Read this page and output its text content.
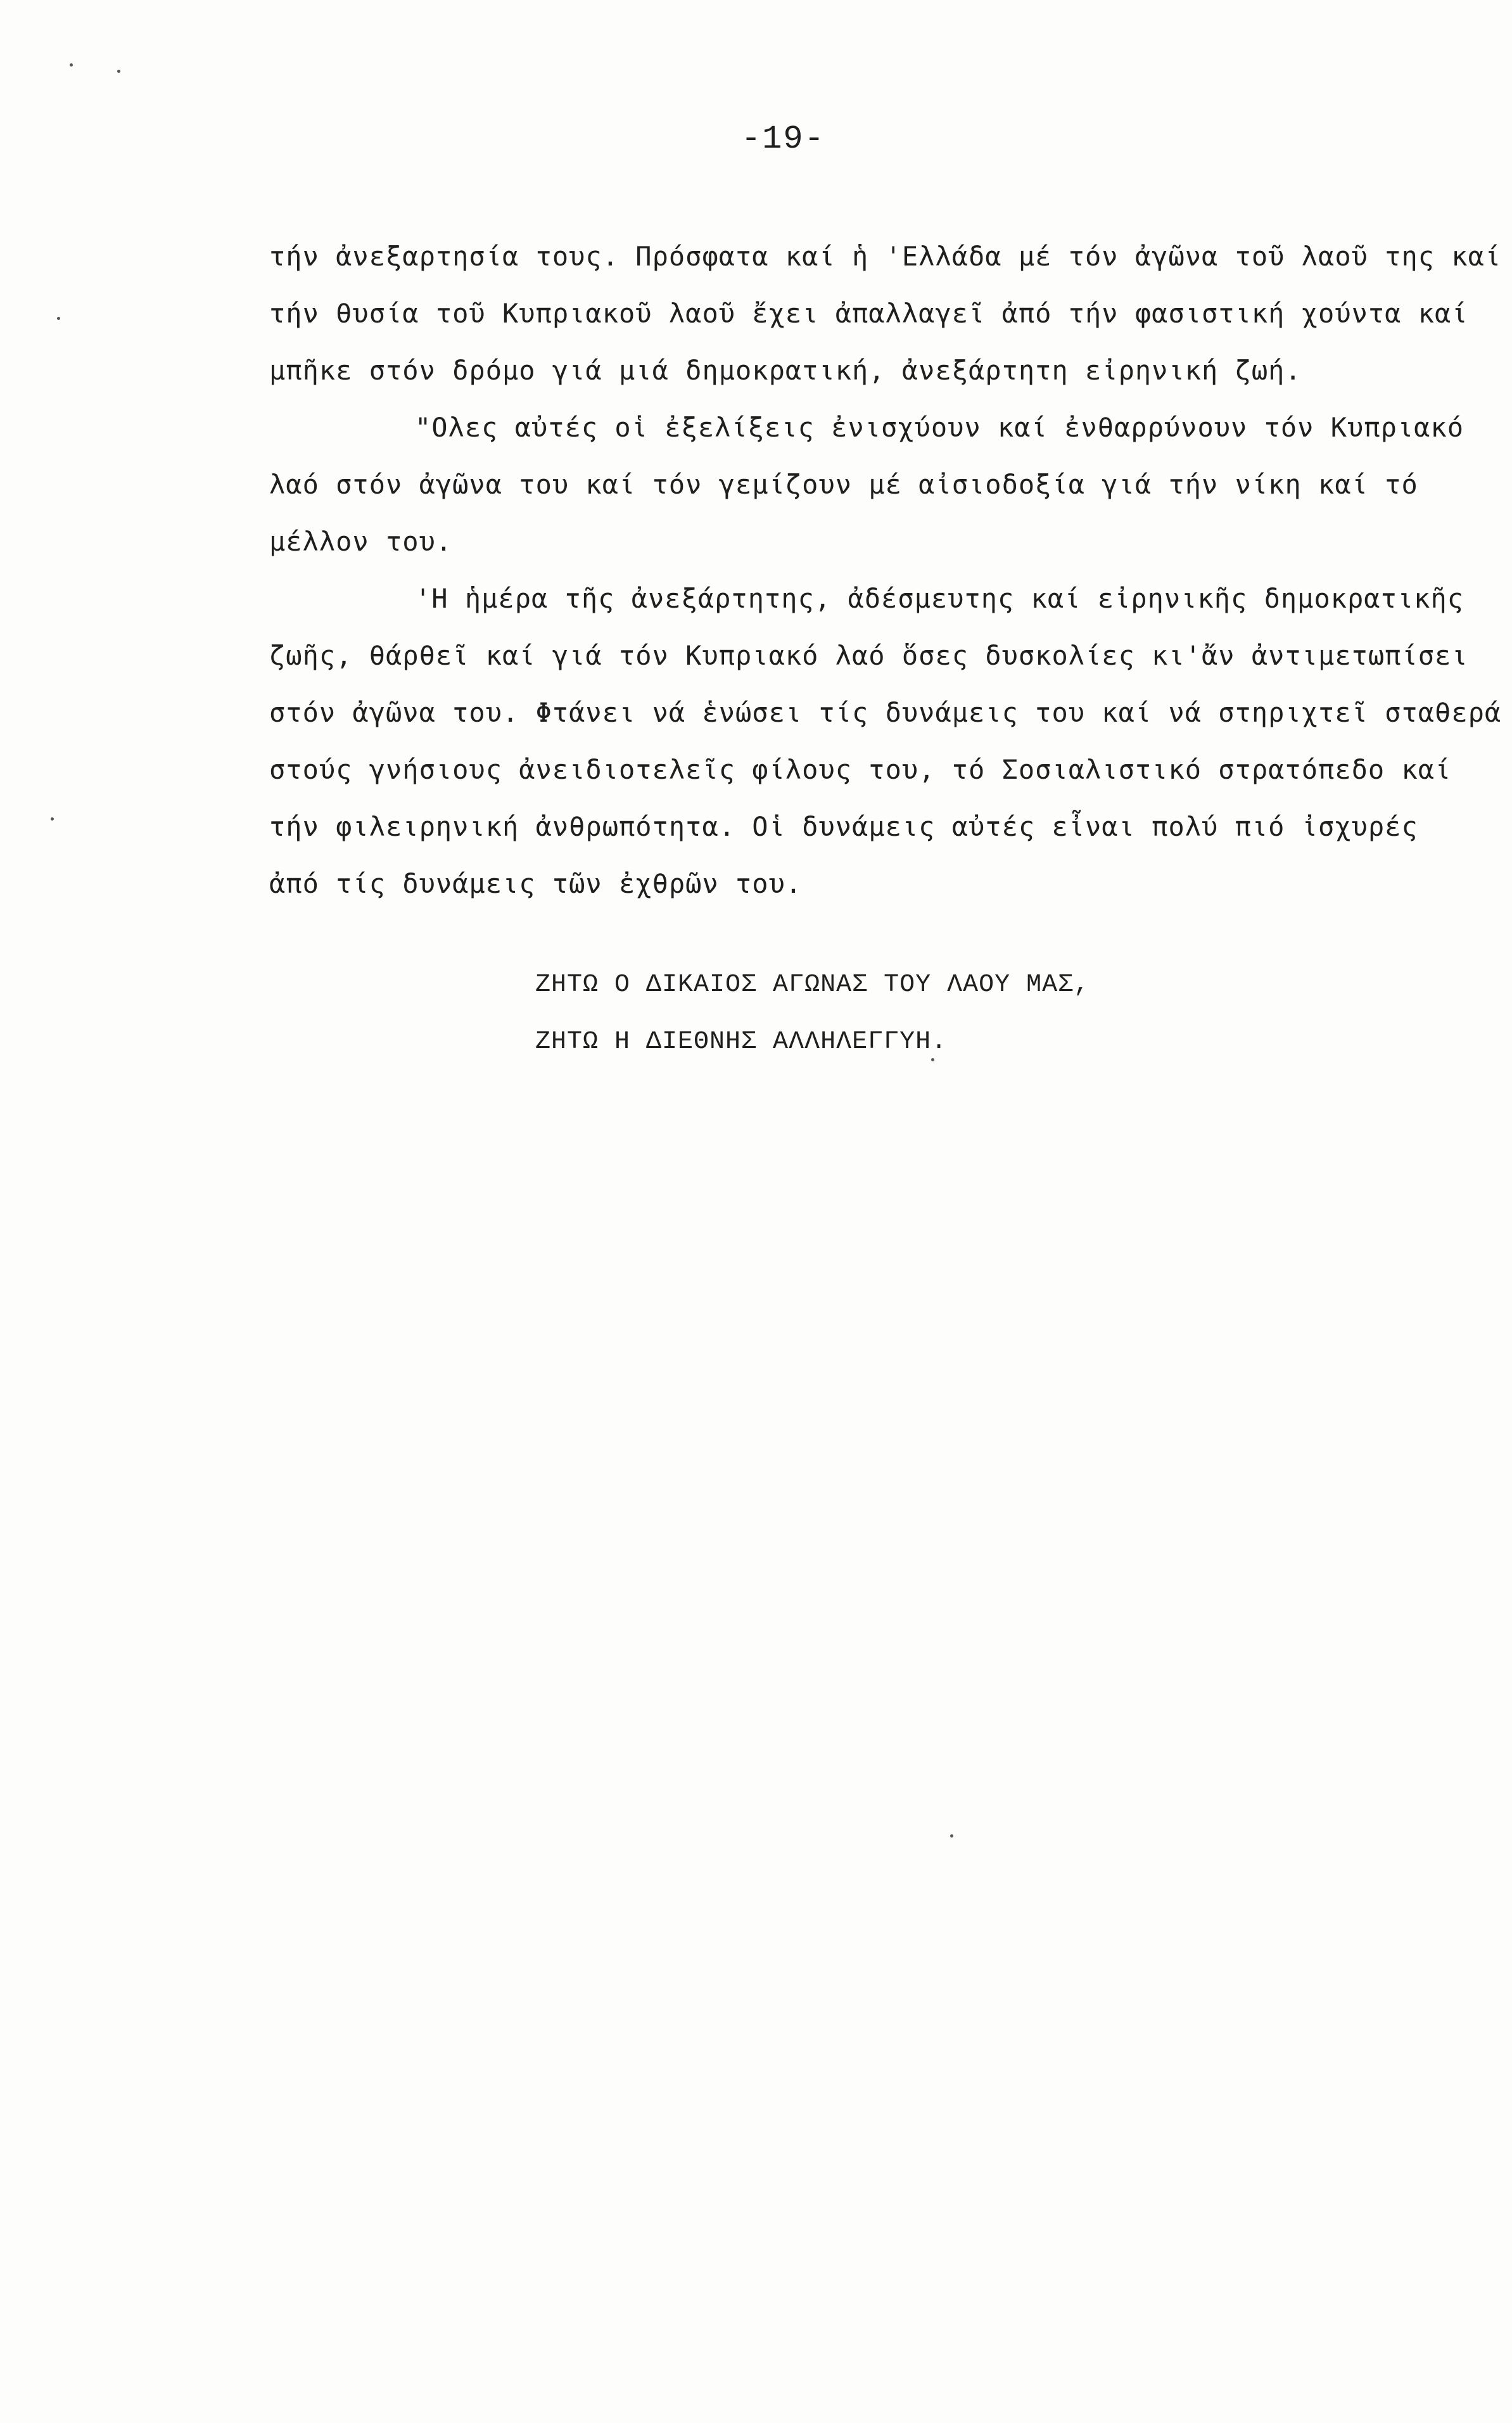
-19-
τήν ἀνεξαρτησία τους. Πρόσφατα καί ἡ 'Ελλάδα μέ τόν ἀγῶνα τοῦ λαοῦ της καί
τήν θυσία τοῦ Κυπριακοῦ λαοῦ ἔχει ἀπαλλαγεῖ ἀπό τήν φασιστική χούντα καί
μπῆκε στόν δρόμο γιά μιά δημοκρατική, ἀνεξάρτητη εἰρηνική ζωή.
"Ολες αὐτές οἱ ἐξελίξεις ἐνισχύουν καί ἐνθαρρύνουν τόν Κυπριακό
λαό στόν ἀγῶνα του καί τόν γεμίζουν μέ αἰσιοδοξία γιά τήν νίκη καί τό
μέλλον του.
'Η ἡμέρα τῆς ἀνεξάρτητης, ἀδέσμευτης καί εἰρηνικῆς δημοκρατικῆς
ζωῆς, θάρθεῖ καί γιά τόν Κυπριακό λαό ὅσες δυσκολίες κι'ἄν ἀντιμετωπίσει
στόν ἀγῶνα του. Φτάνει νά ἑνώσει τίς δυνάμεις του καί νά στηριχτεῖ σταθερά
στούς γνήσιους ἀνειδιοτελεῖς φίλους του, τό Σοσιαλιστικό στρατόπεδο καί
τήν φιλειρηνική ἀνθρωπότητα. Οἱ δυνάμεις αὐτές εἶναι πολύ πιό ἰσχυρές
ἀπό τίς δυνάμεις τῶν ἐχθρῶν του.
ΖΗΤΩ Ο ΔΙΚΑΙΟΣ ΑΓΩΝΑΣ ΤΟΥ ΛΑΟΥ ΜΑΣ,
ΖΗΤΩ Η ΔΙΕΘΝΗΣ ΑΛΛΗΛΕΓΓΥΗ.
